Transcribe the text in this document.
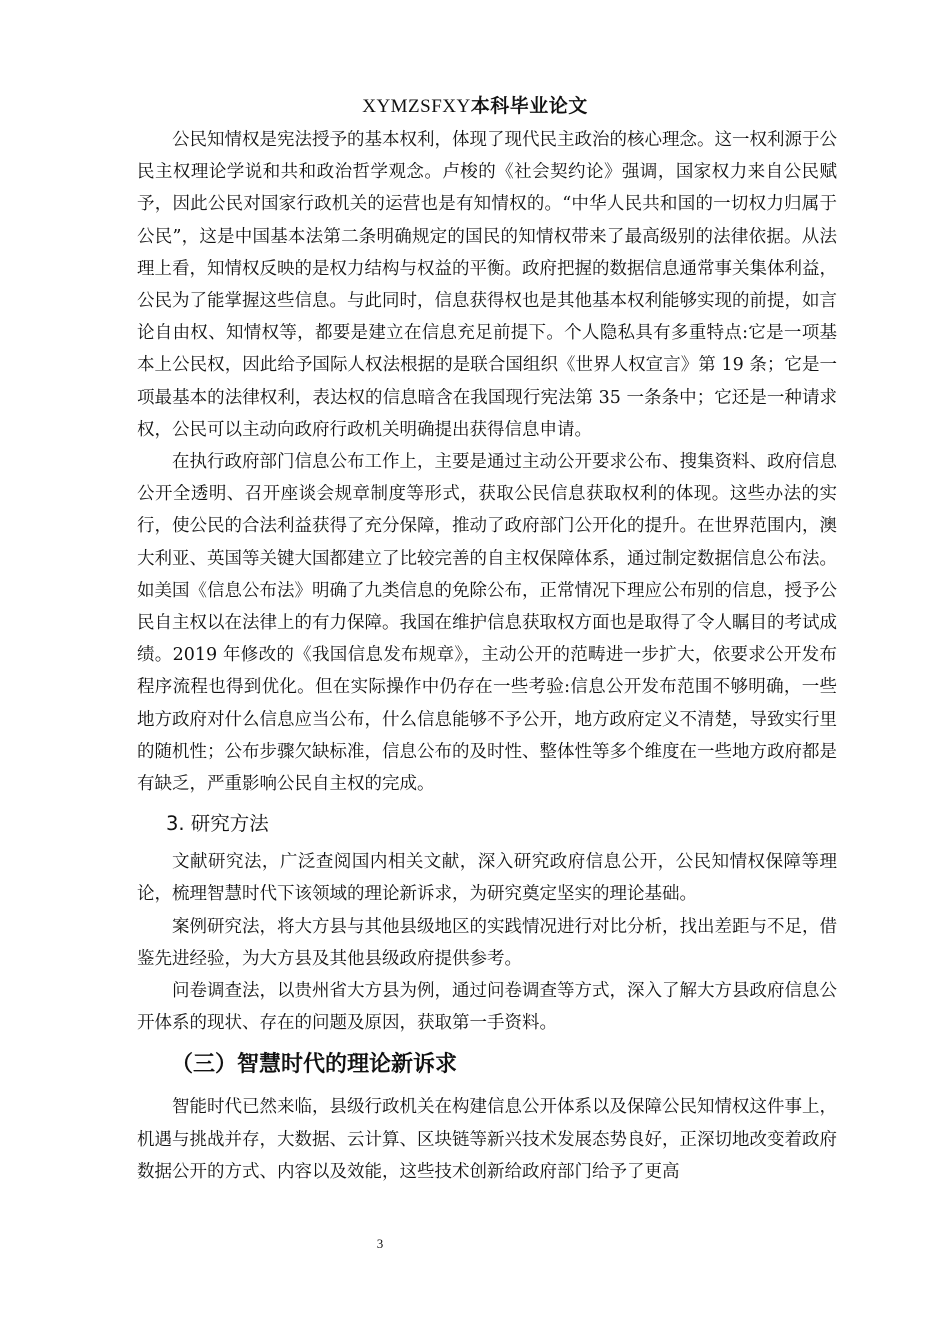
XYMZSFXY本科毕业论文

公民知情权是宪法授予的基本权利，体现了现代民主政治的核心理念。这一权利源于公民主权理论学说和共和政治哲学观念。卢梭的《社会契约论》强调，国家权力来自公民赋予，因此公民对国家行政机关的运营也是有知情权的。“中华人民共和国的一切权力归属于公民”，这是中国基本法第二条明确规定的国民的知情权带来了最高级别的法律依据。从法理上看，知情权反映的是权力结构与权益的平衡。政府把握的数据信息通常事关集体利益，公民为了能掌握这些信息。与此同时，信息获得权也是其他基本权利能够实现的前提，如言论自由权、知情权等，都要是建立在信息充足前提下。个人隐私具有多重特点:它是一项基本上公民权，因此给予国际人权法根据的是联合国组织《世界人权宣言》第 19 条；它是一项最基本的法律权利，表达权的信息暗含在我国现行宪法第 35 一条条中；它还是一种请求权，公民可以主动向政府行政机关明确提出获得信息申请。

在执行政府部门信息公布工作上，主要是通过主动公开要求公布、搜集资料、政府信息公开全透明、召开座谈会规章制度等形式，获取公民信息获取权利的体现。这些办法的实行，使公民的合法利益获得了充分保障，推动了政府部门公开化的提升。在世界范围内，澳大利亚、英国等关键大国都建立了比较完善的自主权保障体系，通过制定数据信息公布法。如美国《信息公布法》明确了九类信息的免除公布，正常情况下理应公布别的信息，授予公民自主权以在法律上的有力保障。我国在维护信息获取权方面也是取得了令人瞩目的考试成绩。2019 年修改的《我国信息发布规章》，主动公开的范畴进一步扩大，依要求公开发布程序流程也得到优化。但在实际操作中仍存在一些考验:信息公开发布范围不够明确，一些地方政府对什么信息应当公布，什么信息能够不予公开，地方政府定义不清楚，导致实行里的随机性；公布步骤欠缺标准，信息公布的及时性、整体性等多个维度在一些地方政府都是有缺乏，严重影响公民自主权的完成。

3. 研究方法

文献研究法，广泛查阅国内相关文献，深入研究政府信息公开，公民知情权保障等理论，梳理智慧时代下该领域的理论新诉求，为研究奠定坚实的理论基础。

案例研究法，将大方县与其他县级地区的实践情况进行对比分析，找出差距与不足，借鉴先进经验，为大方县及其他县级政府提供参考。

问卷调查法，以贵州省大方县为例，通过问卷调查等方式，深入了解大方县政府信息公开体系的现状、存在的问题及原因，获取第一手资料。

（三）智慧时代的理论新诉求

智能时代已然来临，县级行政机关在构建信息公开体系以及保障公民知情权这件事上，机遇与挑战并存，大数据、云计算、区块链等新兴技术发展态势良好，正深切地改变着政府数据公开的方式、内容以及效能，这些技术创新给政府部门给予了更高

3
